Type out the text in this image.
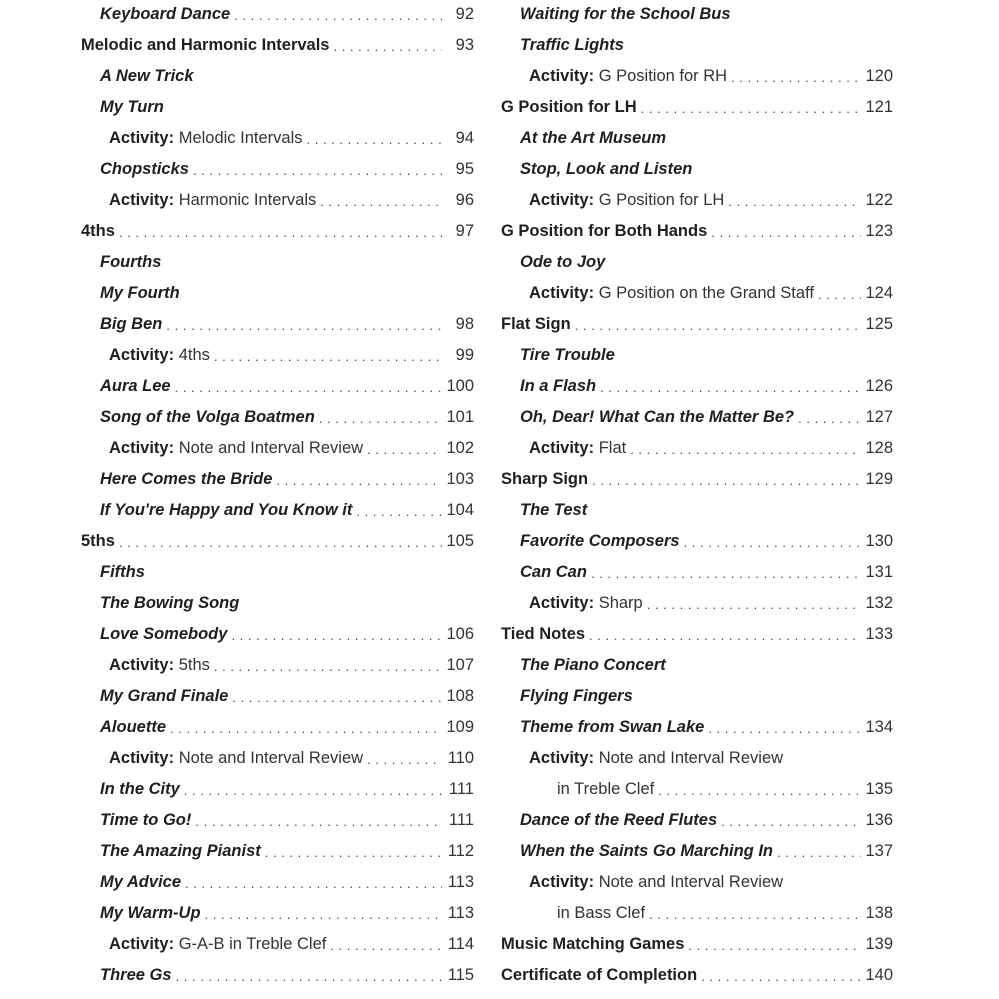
Keyboard Dance . . .	92
Melodic and Harmonic Intervals . . .	93
A New Trick
My Turn
Activity: Melodic Intervals . . .	94
Chopsticks . . .	95
Activity: Harmonic Intervals . . .	96
4ths . . .	97
Fourths
My Fourth
Big Ben . . .	98
Activity: 4ths . . .	99
Aura Lee . . .	100
Song of the Volga Boatmen . . .	101
Activity: Note and Interval Review . . .	102
Here Comes the Bride . . .	103
If You're Happy and You Know it . . .	104
5ths . . .	105
Fifths
The Bowing Song
Love Somebody . . .	106
Activity: 5ths . . .	107
My Grand Finale . . .	108
Alouette . . .	109
Activity: Note and Interval Review . . .	110
In the City . . .	111
Time to Go! . . .	111
The Amazing Pianist . . .	112
My Advice . . .	113
My Warm-Up . . .	113
Activity: G-A-B in Treble Clef . . .	114
Three Gs . . .	115
Waiting for the School Bus
Traffic Lights
Activity: G Position for RH . . .	120
G Position for LH . . .	121
At the Art Museum
Stop, Look and Listen
Activity: G Position for LH . . .	122
G Position for Both Hands . . .	123
Ode to Joy
Activity: G Position on the Grand Staff . . .	124
Flat Sign . . .	125
Tire Trouble
In a Flash . . .	126
Oh, Dear! What Can the Matter Be? . . .	127
Activity: Flat . . .	128
Sharp Sign . . .	129
The Test
Favorite Composers . . .	130
Can Can . . .	131
Activity: Sharp . . .	132
Tied Notes . . .	133
The Piano Concert
Flying Fingers
Theme from Swan Lake . . .	134
Activity: Note and Interval Review
in Treble Clef . . .	135
Dance of the Reed Flutes . . .	136
When the Saints Go Marching In . . .	137
Activity: Note and Interval Review
in Bass Clef . . .	138
Music Matching Games . . .	139
Certificate of Completion . . .	140
